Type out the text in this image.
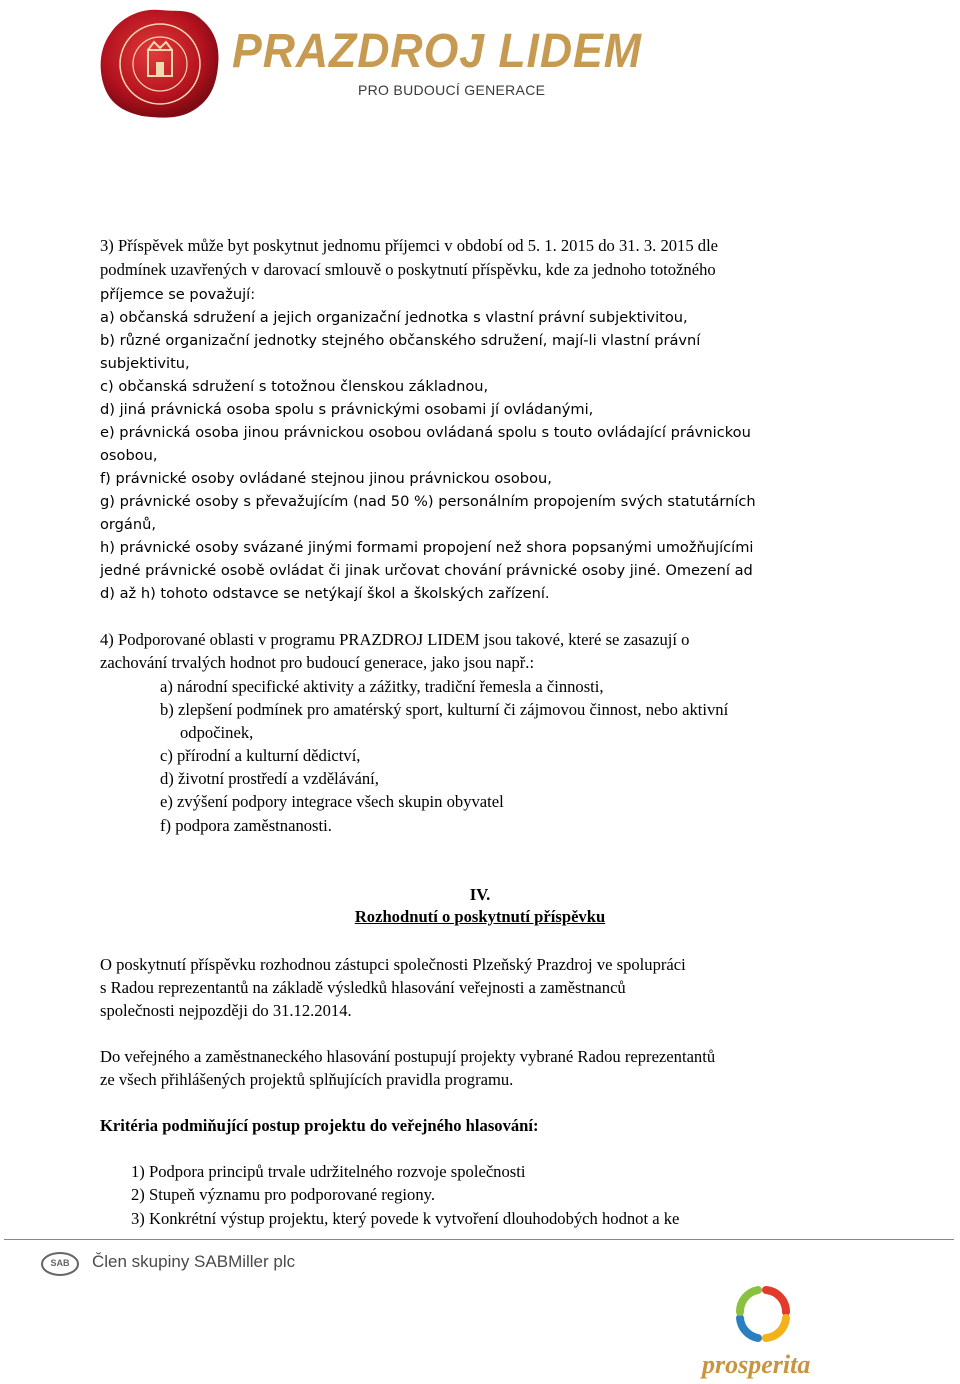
PRAZDROJ LIDEM
PRO BUDOUCÍ GENERACE
3) Příspěvek může byt poskytnut jednomu příjemci v období od 5. 1. 2015 do 31. 3. 2015 dle
podmínek uzavřených v darovací smlouvě o poskytnutí příspěvku, kde za jednoho totožného
příjemce se považují:
a) občanská sdružení a jejich organizační jednotka s vlastní právní subjektivitou,
b) různé organizační jednotky stejného občanského sdružení, mají-li vlastní právní
subjektivitu,
c) občanská sdružení s totožnou členskou základnou,
d) jiná právnická osoba spolu s právnickými osobami jí ovládanými,
e) právnická osoba jinou právnickou osobou ovládaná spolu s touto ovládající právnickou
osobou,
f) právnické osoby ovládané stejnou jinou právnickou osobou,
g) právnické osoby s převažujícím (nad 50 %) personálním propojením svých statutárních
orgánů,
h) právnické osoby svázané jinými formami propojení než shora popsanými umožňujícími
jedné právnické osobě ovládat či jinak určovat chování právnické osoby jiné. Omezení ad
d) až h) tohoto odstavce se netýkají škol a školských zařízení.
4) Podporované oblasti v programu PRAZDROJ LIDEM jsou takové, které se zasazují o
zachování trvalých hodnot pro budoucí generace, jako jsou např.:
a) národní specifické aktivity a zážitky, tradiční řemesla a činnosti,
b) zlepšení podmínek pro amatérský sport, kulturní či zájmovou činnost, nebo aktivní
odpočinek,
c) přírodní a kulturní dědictví,
d) životní prostředí a vzdělávání,
e) zvýšení podpory integrace všech skupin obyvatel
f) podpora zaměstnanosti.
IV.
Rozhodnutí o poskytnutí příspěvku
O poskytnutí příspěvku rozhodnou zástupci společnosti Plzeňský Prazdroj ve spolupráci
s Radou reprezentantů na základě výsledků hlasování veřejnosti a zaměstnanců
společnosti nejpozději do 31.12.2014.
Do veřejného a zaměstnaneckého hlasování postupují projekty vybrané Radou reprezentantů
ze všech přihlášených projektů splňujících pravidla programu.
Kritéria podmiňující postup projektu do veřejného hlasování:
1) Podpora principů trvale udržitelného rozvoje společnosti
2) Stupeň významu pro podporované regiony.
3) Konkrétní výstup projektu, který povede k vytvoření dlouhodobých hodnot a ke
SAB Člen skupiny SABMiller plc
prosperita
